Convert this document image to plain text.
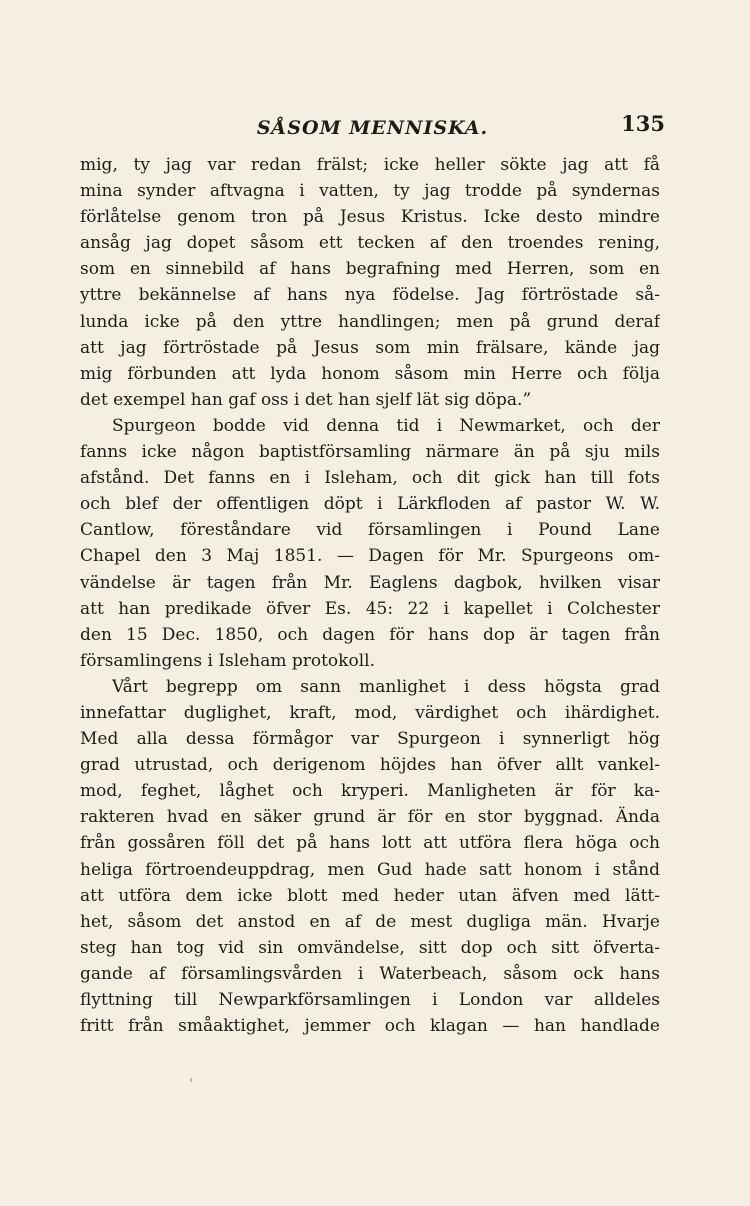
SÅSOM MENNISKA.	135
mig, ty jag var redan frälst; icke heller sökte jag att få
mina synder aftvagna i vatten, ty jag trodde på syndernas
förlåtelse genom tron på Jesus Kristus. Icke desto mindre
ansåg jag dopet såsom ett tecken af den troendes rening,
som en sinnebild af hans begrafning med Herren, som en
yttre bekännelse af hans nya födelse. Jag förtröstade så-
lunda icke på den yttre handlingen; men på grund deraf
att jag förtröstade på Jesus som min frälsare, kände jag
mig förbunden att lyda honom såsom min Herre och följa
det exempel han gaf oss i det han sjelf lät sig döpa.”
Spurgeon bodde vid denna tid i Newmarket, och der
fanns icke någon baptistförsamling närmare än på sju mils
afstånd. Det fanns en i Isleham, och dit gick han till fots
och blef der offentligen döpt i Lärkfloden af pastor W. W.
Cantlow, föreståndare vid församlingen i Pound Lane
Chapel den 3 Maj 1851. — Dagen för Mr. Spurgeons om-
vändelse är tagen från Mr. Eaglens dagbok, hvilken visar
att han predikade öfver Es. 45: 22 i kapellet i Colchester
den 15 Dec. 1850, och dagen för hans dop är tagen från
församlingens i Isleham protokoll.
Vårt begrepp om sann manlighet i dess högsta grad
innefattar duglighet, kraft, mod, värdighet och ihärdighet.
Med alla dessa förmågor var Spurgeon i synnerligt hög
grad utrustad, och derigenom höjdes han öfver allt vankel-
mod, feghet, låghet och kryperi. Manligheten är för ka-
rakteren hvad en säker grund är för en stor byggnad. Ända
från gossåren föll det på hans lott att utföra flera höga och
heliga förtroendeuppdrag, men Gud hade satt honom i stånd
att utföra dem icke blott med heder utan äfven med lätt-
het, såsom det anstod en af de mest dugliga män. Hvarje
steg han tog vid sin omvändelse, sitt dop och sitt öfverta-
gande af församlingsvården i Waterbeach, såsom ock hans
flyttning till Newparkförsamlingen i London var alldeles
fritt från småaktighet, jemmer och klagan — han handlade
